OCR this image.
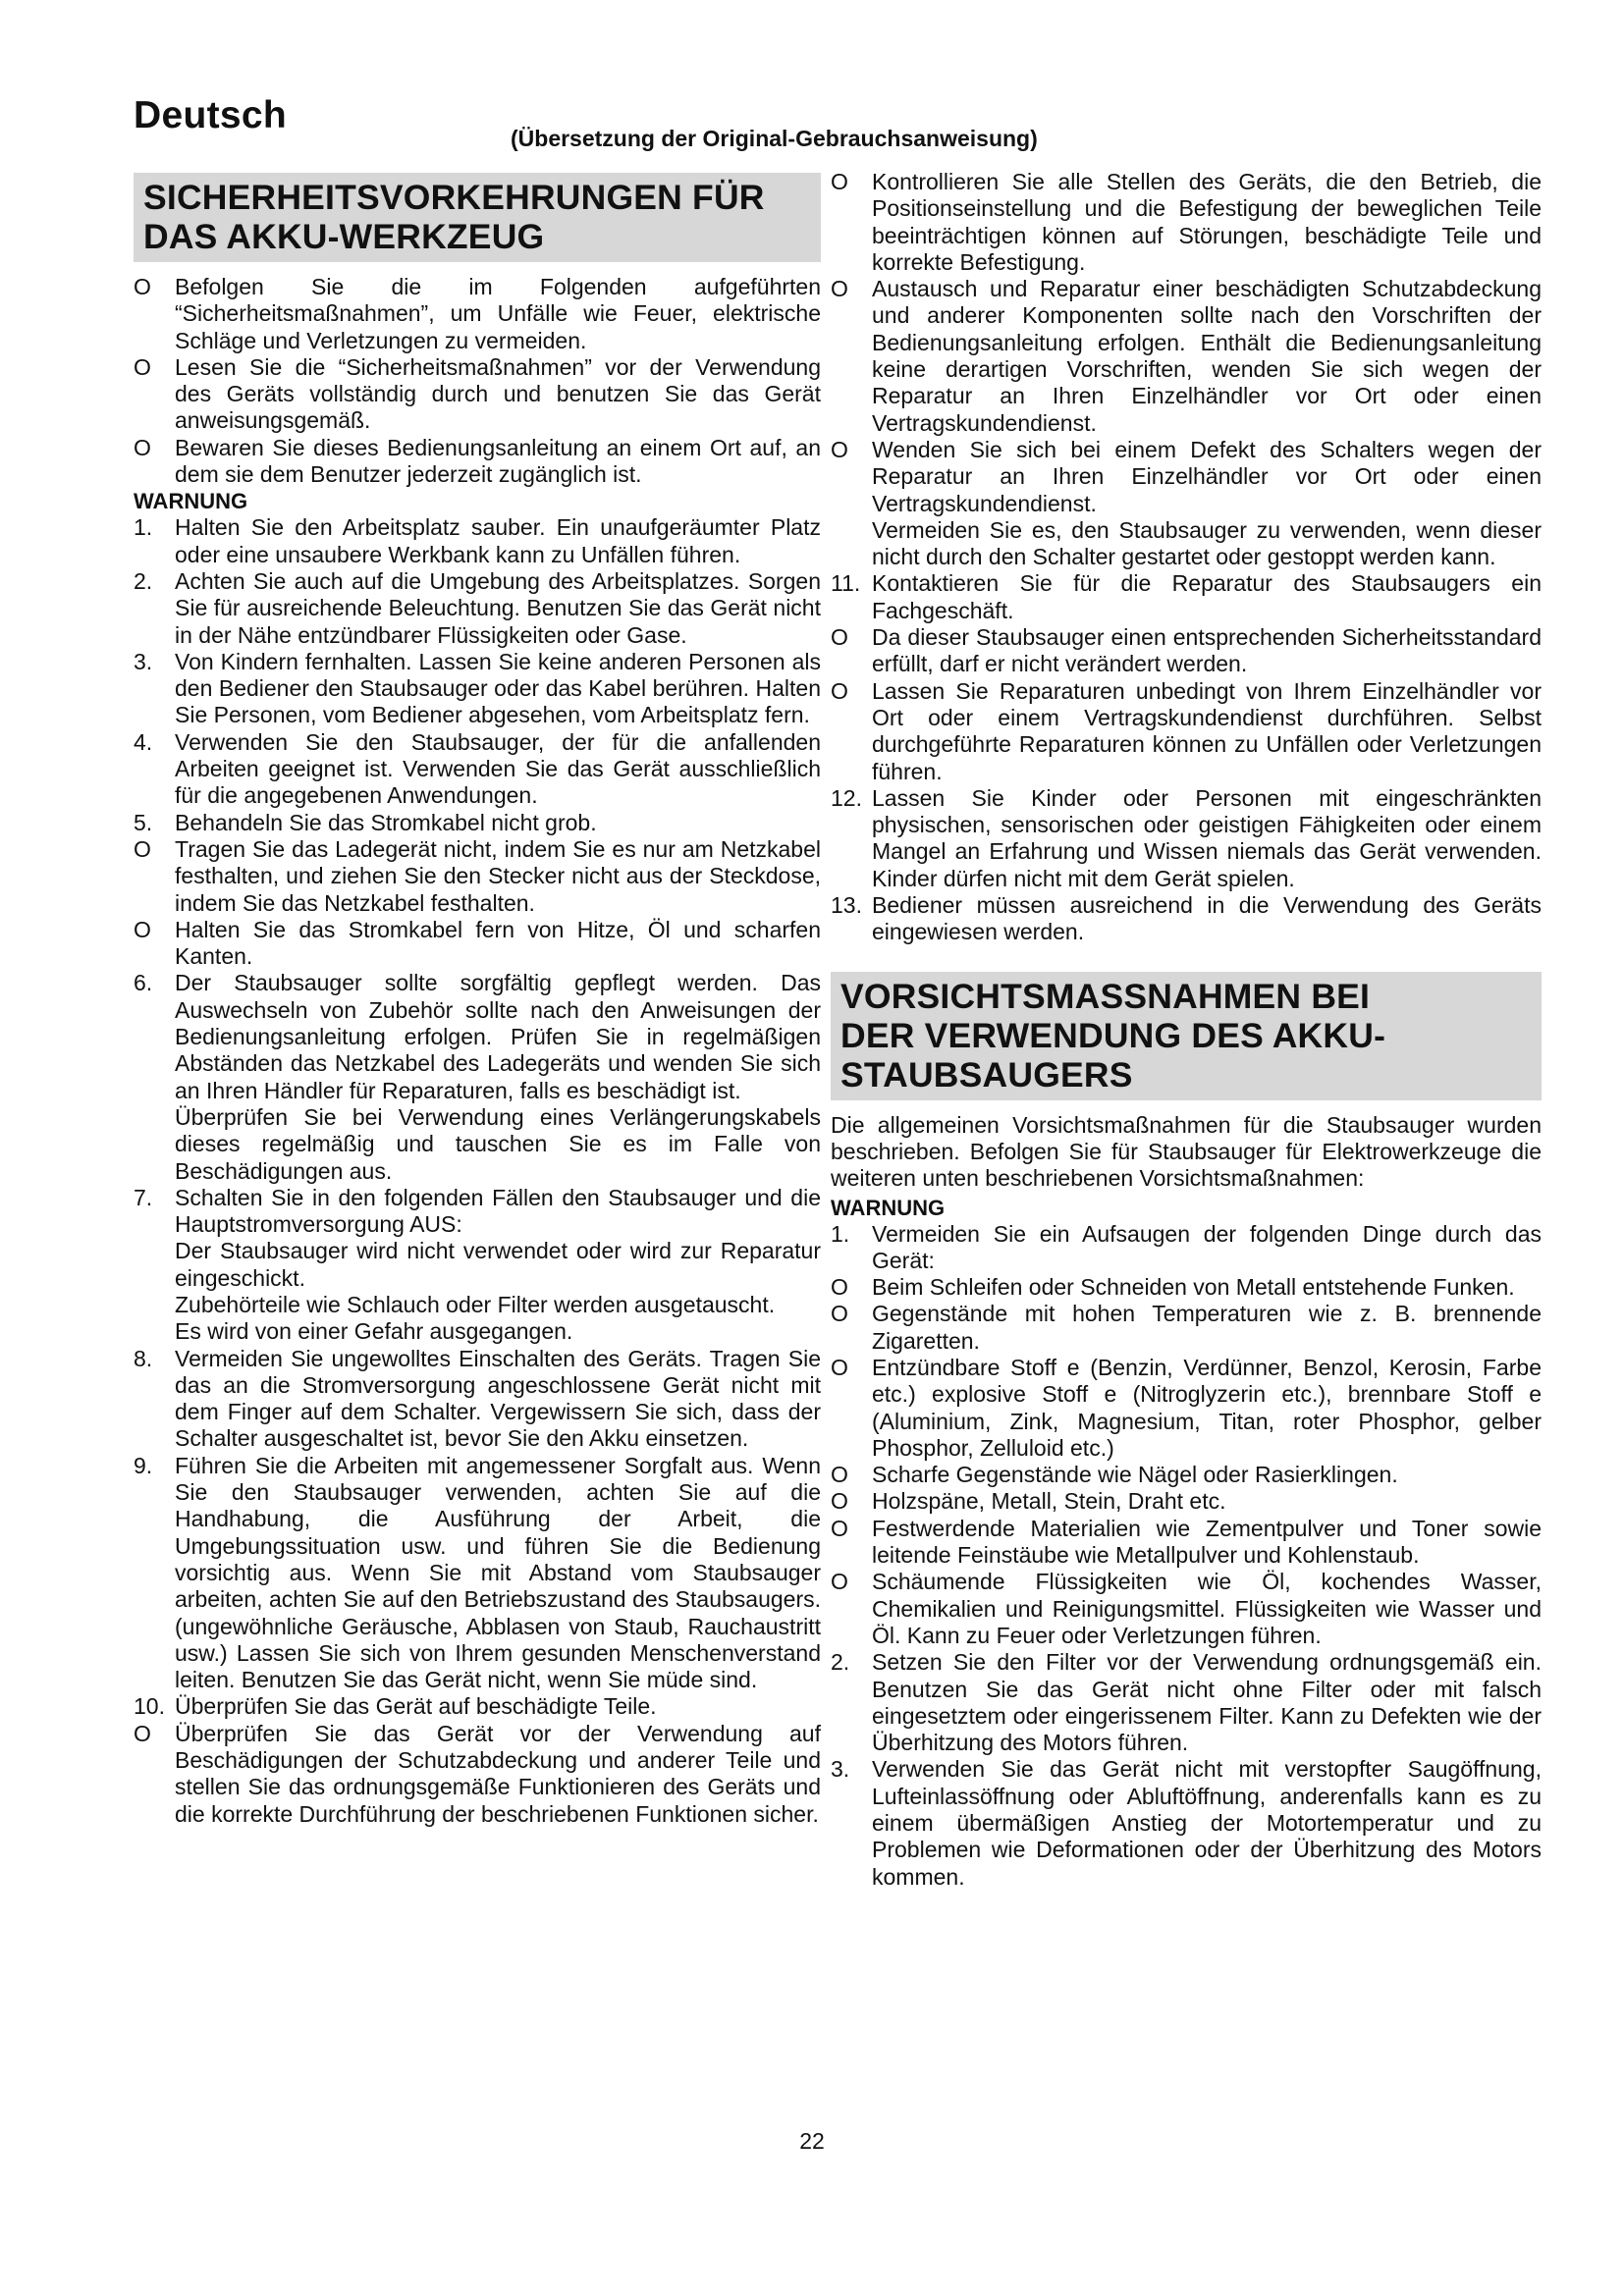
Deutsch
(Übersetzung der Original-Gebrauchsanweisung)
SICHERHEITSVORKEHRUNGEN FÜR
DAS AKKU-WERKZEUG
O	Befolgen Sie die im Folgenden aufgeführten “Sicherheitsmaßnahmen”, um Unfälle wie Feuer, elektrische Schläge und Verletzungen zu vermeiden.
O	Lesen Sie die “Sicherheitsmaßnahmen” vor der Verwendung des Geräts vollständig durch und benutzen Sie das Gerät anweisungsgemäß.
O	Bewaren Sie dieses Bedienungsanleitung an einem Ort auf, an dem sie dem Benutzer jederzeit zugänglich ist.
WARNUNG
1. Halten Sie den Arbeitsplatz sauber. Ein unaufgeräumter Platz oder eine unsaubere Werkbank kann zu Unfällen führen.
2. Achten Sie auch auf die Umgebung des Arbeitsplatzes. Sorgen Sie für ausreichende Beleuchtung. Benutzen Sie das Gerät nicht in der Nähe entzündbarer Flüssigkeiten oder Gase.
3. Von Kindern fernhalten. Lassen Sie keine anderen Personen als den Bediener den Staubsauger oder das Kabel berühren. Halten Sie Personen, vom Bediener abgesehen, vom Arbeitsplatz fern.
4. Verwenden Sie den Staubsauger, der für die anfallenden Arbeiten geeignet ist. Verwenden Sie das Gerät ausschließlich für die angegebenen Anwendungen.
5. Behandeln Sie das Stromkabel nicht grob.
O	Tragen Sie das Ladegerät nicht, indem Sie es nur am Netzkabel festhalten, und ziehen Sie den Stecker nicht aus der Steckdose, indem Sie das Netzkabel festhalten.
O	Halten Sie das Stromkabel fern von Hitze, Öl und scharfen Kanten.
6. Der Staubsauger sollte sorgfältig gepflegt werden. Das Auswechseln von Zubehör sollte nach den Anweisungen der Bedienungsanleitung erfolgen. Prüfen Sie in regelmäßigen Abständen das Netzkabel des Ladegeräts und wenden Sie sich an Ihren Händler für Reparaturen, falls es beschädigt ist.
Überprüfen Sie bei Verwendung eines Verlängerungskabels dieses regelmäßig und tauschen Sie es im Falle von Beschädigungen aus.
7. Schalten Sie in den folgenden Fällen den Staubsauger und die Hauptstromversorgung AUS:
Der Staubsauger wird nicht verwendet oder wird zur Reparatur eingeschickt.
Zubehörteile wie Schlauch oder Filter werden ausgetauscht.
Es wird von einer Gefahr ausgegangen.
8. Vermeiden Sie ungewolltes Einschalten des Geräts. Tragen Sie das an die Stromversorgung angeschlossene Gerät nicht mit dem Finger auf dem Schalter. Vergewissern Sie sich, dass der Schalter ausgeschaltet ist, bevor Sie den Akku einsetzen.
9. Führen Sie die Arbeiten mit angemessener Sorgfalt aus. Wenn Sie den Staubsauger verwenden, achten Sie auf die Handhabung, die Ausführung der Arbeit, die Umgebungssituation usw. und führen Sie die Bedienung vorsichtig aus. Wenn Sie mit Abstand vom Staubsauger arbeiten, achten Sie auf den Betriebszustand des Staubsaugers. (ungewöhnliche Geräusche, Abblasen von Staub, Rauchaustritt usw.) Lassen Sie sich von Ihrem gesunden Menschenverstand leiten. Benutzen Sie das Gerät nicht, wenn Sie müde sind.
10. Überprüfen Sie das Gerät auf beschädigte Teile.
O	Überprüfen Sie das Gerät vor der Verwendung auf Beschädigungen der Schutzabdeckung und anderer Teile und stellen Sie das ordnungsgemäße Funktionieren des Geräts und die korrekte Durchführung der beschriebenen Funktionen sicher.
O	Kontrollieren Sie alle Stellen des Geräts, die den Betrieb, die Positionseinstellung und die Befestigung der beweglichen Teile beeinträchtigen können auf Störungen, beschädigte Teile und korrekte Befestigung.
O	Austausch und Reparatur einer beschädigten Schutzabdeckung und anderer Komponenten sollte nach den Vorschriften der Bedienungsanleitung erfolgen. Enthält die Bedienungsanleitung keine derartigen Vorschriften, wenden Sie sich wegen der Reparatur an Ihren Einzelhändler vor Ort oder einen Vertragskundendienst.
O	Wenden Sie sich bei einem Defekt des Schalters wegen der Reparatur an Ihren Einzelhändler vor Ort oder einen Vertragskundendienst.
Vermeiden Sie es, den Staubsauger zu verwenden, wenn dieser nicht durch den Schalter gestartet oder gestoppt werden kann.
11. Kontaktieren Sie für die Reparatur des Staubsaugers ein Fachgeschäft.
O	Da dieser Staubsauger einen entsprechenden Sicherheitsstandard erfüllt, darf er nicht verändert werden.
O	Lassen Sie Reparaturen unbedingt von Ihrem Einzelhändler vor Ort oder einem Vertragskundendienst durchführen. Selbst durchgeführte Reparaturen können zu Unfällen oder Verletzungen führen.
12. Lassen Sie Kinder oder Personen mit eingeschränkten physischen, sensorischen oder geistigen Fähigkeiten oder einem Mangel an Erfahrung und Wissen niemals das Gerät verwenden. Kinder dürfen nicht mit dem Gerät spielen.
13. Bediener müssen ausreichend in die Verwendung des Geräts eingewiesen werden.
VORSICHTSMASSNAHMEN BEI
DER VERWENDUNG DES AKKU-
STAUBSAUGERS
Die allgemeinen Vorsichtsmaßnahmen für die Staubsauger wurden beschrieben. Befolgen Sie für Staubsauger für Elektrowerkzeuge die weiteren unten beschriebenen Vorsichtsmaßnahmen:
WARNUNG
1. Vermeiden Sie ein Aufsaugen der folgenden Dinge durch das Gerät:
O	Beim Schleifen oder Schneiden von Metall entstehende Funken.
O	Gegenstände mit hohen Temperaturen wie z. B. brennende Zigaretten.
O	Entzündbare Stoff e (Benzin, Verdünner, Benzol, Kerosin, Farbe etc.) explosive Stoff e (Nitroglyzerin etc.), brennbare Stoff e (Aluminium, Zink, Magnesium, Titan, roter Phosphor, gelber Phosphor, Zelluloid etc.)
O	Scharfe Gegenstände wie Nägel oder Rasierklingen.
O	Holzspäne, Metall, Stein, Draht etc.
O	Festwerdende Materialien wie Zementpulver und Toner sowie leitende Feinstäube wie Metallpulver und Kohlenstaub.
O	Schäumende Flüssigkeiten wie Öl, kochendes Wasser, Chemikalien und Reinigungsmittel. Flüssigkeiten wie Wasser und Öl. Kann zu Feuer oder Verletzungen führen.
2. Setzen Sie den Filter vor der Verwendung ordnungsgemäß ein. Benutzen Sie das Gerät nicht ohne Filter oder mit falsch eingesetztem oder eingerissenem Filter. Kann zu Defekten wie der Überhitzung des Motors führen.
3. Verwenden Sie das Gerät nicht mit verstopfter Saugöffnung, Lufteinlassöffnung oder Abluftöffnung, anderenfalls kann es zu einem übermäßigen Anstieg der Motortemperatur und zu Problemen wie Deformationen oder der Überhitzung des Motors kommen.
22
